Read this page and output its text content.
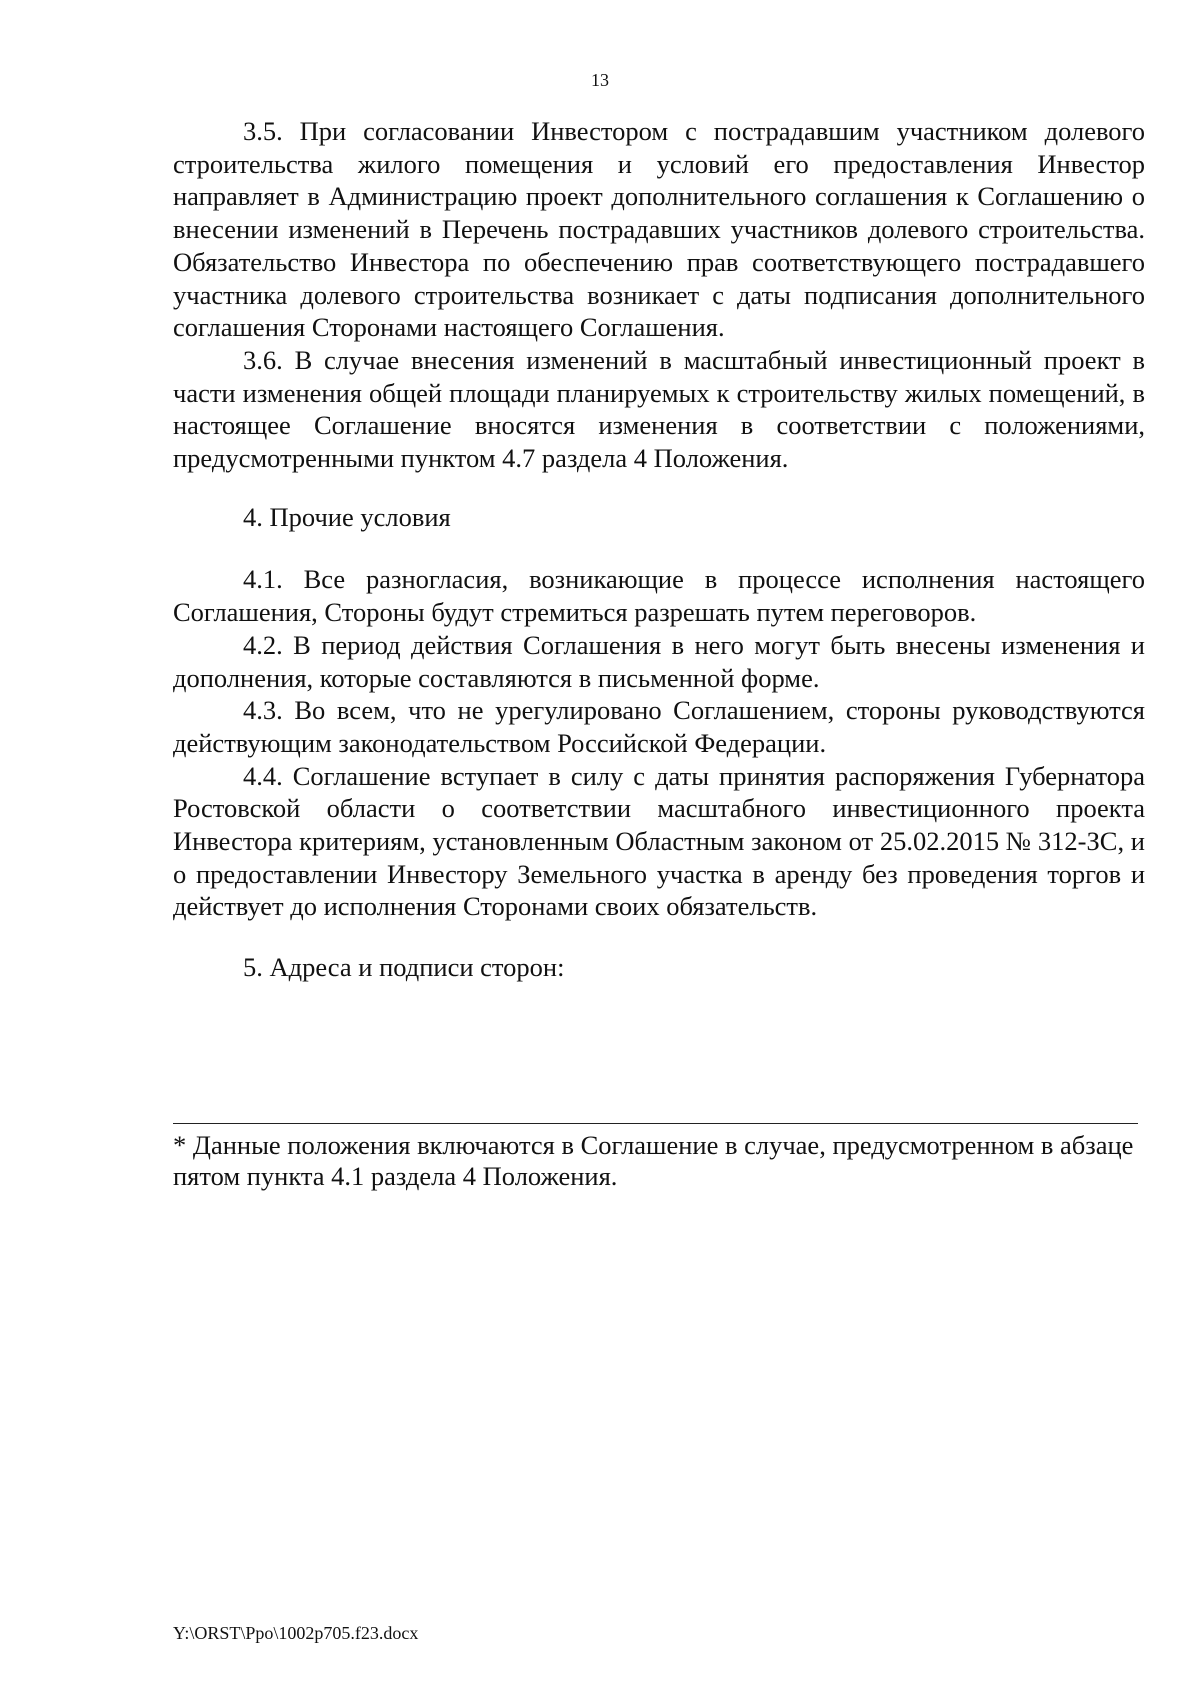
13

3.5. При согласовании Инвестором с пострадавшим участником долевого строительства жилого помещения и условий его предоставления Инвестор направляет в Администрацию проект дополнительного соглашения к Соглашению о внесении изменений в Перечень пострадавших участников долевого строительства. Обязательство Инвестора по обеспечению прав соответствующего пострадавшего участника долевого строительства возникает с даты подписания дополнительного соглашения Сторонами настоящего Соглашения.

3.6. В случае внесения изменений в масштабный инвестиционный проект в части изменения общей площади планируемых к строительству жилых помещений, в настоящее Соглашение вносятся изменения в соответствии с положениями, предусмотренными пунктом 4.7 раздела 4 Положения.

4. Прочие условия

4.1. Все разногласия, возникающие в процессе исполнения настоящего Соглашения, Стороны будут стремиться разрешать путем переговоров.

4.2. В период действия Соглашения в него могут быть внесены изменения и дополнения, которые составляются в письменной форме.

4.3. Во всем, что не урегулировано Соглашением, стороны руководствуются действующим законодательством Российской Федерации.

4.4. Соглашение вступает в силу с даты принятия распоряжения Губернатора Ростовской области о соответствии масштабного инвестиционного проекта Инвестора критериям, установленным Областным законом от 25.02.2015 № 312-ЗС, и о предоставлении Инвестору Земельного участка в аренду без проведения торгов и действует до исполнения Сторонами своих обязательств.

5. Адреса и подписи сторон:

* Данные положения включаются в Соглашение в случае, предусмотренном в абзаце пятом пункта 4.1 раздела 4 Положения.

Y:\ORST\Ppo\1002p705.f23.docx
